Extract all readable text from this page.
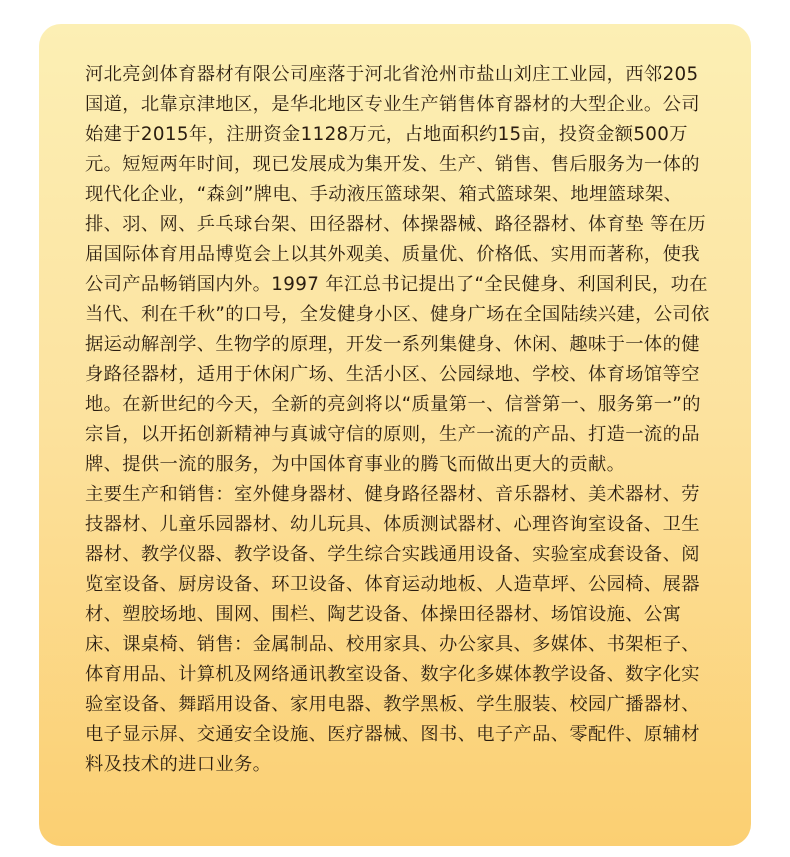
河北亮剑体育器材有限公司座落于河北省沧州市盐山刘庄工业园，西邻205国道，北靠京津地区，是华北地区专业生产销售体育器材的大型企业。公司始建于2015年，注册资金1128万元，占地面积约15亩，投资金额500万元。短短两年时间，现已发展成为集开发、生产、销售、售后服务为一体的现代化企业，“森剑”牌电、手动液压篮球架、箱式篮球架、地埋篮球架、排、羽、网、乒乓球台架、田径器材、体操器械、路径器材、体育垫 等在历届国际体育用品博览会上以其外观美、质量优、价格低、实用而著称，使我公司产品畅销国内外。1997 年江总书记提出了“全民健身、利国利民，功在当代、利在千秋”的口号，全发健身小区、健身广场在全国陆续兴建，公司依据运动解剖学、生物学的原理，开发一系列集健身、休闲、趣味于一体的健身路径器材，适用于休闲广场、生活小区、公园绿地、学校、体育场馆等空地。在新世纪的今天，全新的亮剑将以“质量第一、信誉第一、服务第一”的宗旨，以开拓创新精神与真诚守信的原则，生产一流的产品、打造一流的品牌、提供一流的服务，为中国体育事业的腾飞而做出更大的贡献。

主要生产和销售：室外健身器材、健身路径器材、音乐器材、美术器材、劳技器材、儿童乐园器材、幼儿玩具、体质测试器材、心理咨询室设备、卫生器材、教学仪器、教学设备、学生综合实践通用设备、实验室成套设备、阅览室设备、厨房设备、环卫设备、体育运动地板、人造草坪、公园椅、展器材、塑胶场地、围网、围栏、陶艺设备、体操田径器材、场馆设施、公寓床、课桌椅、销售：金属制品、校用家具、办公家具、多媒体、书架柜子、体育用品、计算机及网络通讯教室设备、数字化多媒体教学设备、数字化实验室设备、舞蹈用设备、家用电器、教学黑板、学生服装、校园广播器材、电子显示屏、交通安全设施、医疗器械、图书、电子产品、零配件、原辅材料及技术的进口业务。
